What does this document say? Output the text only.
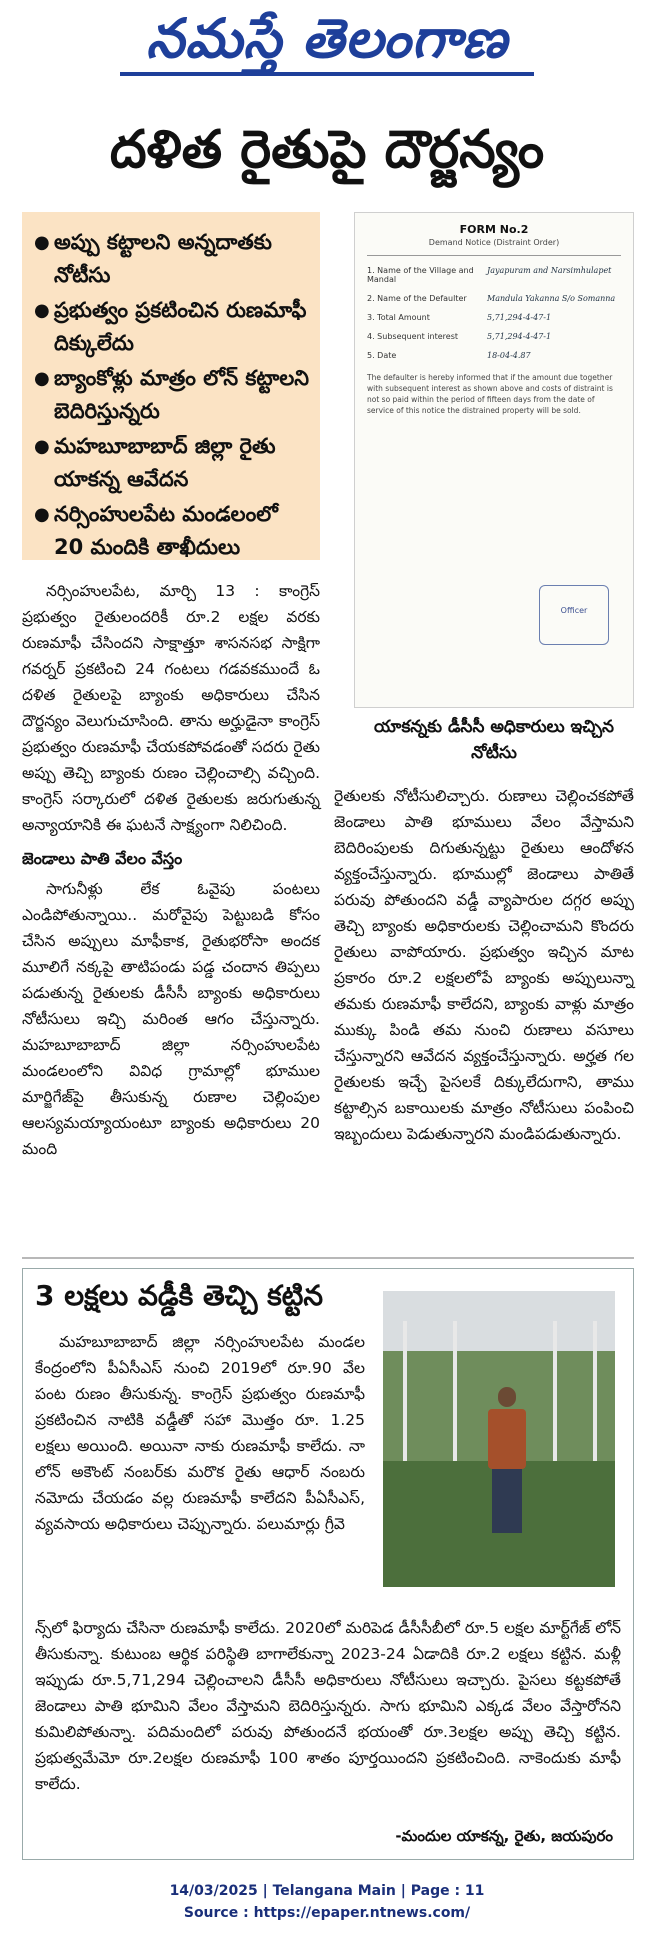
నమస్తే తెలంగాణ
దళిత రైతుపై దౌర్జన్యం
● అప్పు కట్టాలని అన్నదాతకు నోటీసు
● ప్రభుత్వం ప్రకటించిన రుణమాఫీ దిక్కులేదు
● బ్యాంకోళ్లు మాత్రం లోన్ కట్టాలని బెదిరిస్తున్నరు
● మహబూబాబాద్ జిల్లా రైతు యాకన్న ఆవేదన
● నర్సింహులపేట మండలంలో 20 మందికి తాఖీదులు
FORM No.2
Demand Notice (Distraint Order)
1. Name of the Village and Mandal
Jayapuram and Narsimhulapet
2. Name of the Defaulter	Mandula Yakanna S/o Somanna
3. Total Amount	5,71,294-4-47-1
4. Subsequent interest	5,71,294-4-47-1
5. Date	18-04-4.87
The defaulter is hereby informed that if the amount due together with subsequent interest as shown above and costs of distraint is not so paid within the period of fifteen days from the date of service of this notice the distrained property will be sold.
Officer
యాకన్నకు డీసీసీ అధికారులు ఇచ్చిన నోటీసు

నర్సింహులపేట, మార్చి 13 : కాంగ్రెస్ ప్రభుత్వం రైతులందరికీ రూ.2 లక్షల వరకు రుణమాఫీ చేసిందని సాక్షాత్తూ శాసనసభ సాక్షిగా గవర్నర్ ప్రకటించి 24 గంటలు గడవకముందే ఓ దళిత రైతులపై బ్యాంకు అధికారులు చేసిన దౌర్జన్యం వెలుగుచూసింది. తాను అర్హుడైనా కాంగ్రెస్ ప్రభుత్వం రుణమాఫీ చేయకపోవడంతో సదరు రైతు అప్పు తెచ్చి బ్యాంకు రుణం చెల్లించాల్సి వచ్చింది. కాంగ్రెస్ సర్కారులో దళిత రైతులకు జరుగుతున్న అన్యాయానికి ఈ ఘటనే సాక్ష్యంగా నిలిచింది.

జెండాలు పాతి వేలం వేస్తం

సాగునీళ్లు లేక ఓవైపు పంటలు ఎండిపోతున్నాయి.. మరోవైపు పెట్టుబడి కోసం చేసిన అప్పులు మాఫీకాక, రైతుభరోసా అందక మూలిగే నక్కపై తాటిపండు పడ్డ చందాన తిప్పలు పడుతున్న రైతులకు డీసీసీ బ్యాంకు అధికారులు నోటీసులు ఇచ్చి మరింత ఆగం చేస్తున్నారు. మహబూబాబాద్ జిల్లా నర్సింహులపేట మండలంలోని వివిధ గ్రామాల్లో భూముల మార్జిగేజ్‌పై తీసుకున్న రుణాల చెల్లింపుల ఆలస్యమయ్యాయంటూ బ్యాంకు అధికారులు 20 మంది

రైతులకు నోటీసులిచ్చారు. రుణాలు చెల్లించకపోతే జెండాలు పాతి భూములు వేలం వేస్తామని బెదిరింపులకు దిగుతున్నట్టు రైతులు ఆందోళన వ్యక్తంచేస్తున్నారు. భూముల్లో జెండాలు పాతితే పరువు పోతుందని వడ్డీ వ్యాపారుల దగ్గర అప్పు తెచ్చి బ్యాంకు అధికారులకు చెల్లించామని కొందరు రైతులు వాపోయారు. ప్రభుత్వం ఇచ్చిన మాట ప్రకారం రూ.2 లక్షలలోపే బ్యాంకు అప్పులున్నా తమకు రుణమాఫీ కాలేదని, బ్యాంకు వాళ్లు మాత్రం ముక్కు పిండి తమ నుంచి రుణాలు వసూలు చేస్తున్నారని ఆవేదన వ్యక్తంచేస్తున్నారు. అర్హత గల రైతులకు ఇచ్చే పైసలకే దిక్కులేదుగాని, తాము కట్టాల్సిన బకాయిలకు మాత్రం నోటీసులు పంపించి ఇబ్బందులు పెడుతున్నారని మండిపడుతున్నారు.

3 లక్షలు వడ్డీకి తెచ్చి కట్టిన

మహబూబాబాద్ జిల్లా నర్సింహులపేట మండల కేంద్రంలోని పీఏసీఎస్ నుంచి 2019లో రూ.90 వేల పంట రుణం తీసుకున్న. కాంగ్రెస్ ప్రభుత్వం రుణమాఫీ ప్రకటించిన నాటికి వడ్డీతో సహా మొత్తం రూ. 1.25 లక్షలు అయింది. అయినా నాకు రుణమాఫీ కాలేదు. నా లోన్ అకౌంట్ నంబర్‌కు మరొక రైతు ఆధార్ నంబరు నమోదు చేయడం వల్ల రుణమాఫీ కాలేదని పీఏసీఎస్, వ్యవసాయ అధికారులు చెప్పున్నారు. పలుమార్లు గ్రీవె

న్స్‌లో ఫిర్యాదు చేసినా రుణమాఫీ కాలేదు. 2020లో మరిపెడ డీసీసీబీలో రూ.5 లక్షల మార్ట్‌గేజ్ లోన్ తీసుకున్నా. కుటుంబ ఆర్థిక పరిస్థితి బాగాలేకున్నా 2023-24 ఏడాదికి రూ.2 లక్షలు కట్టిన. మళ్లీ ఇప్పుడు రూ.5,71,294 చెల్లించాలని డీసీసీ అధికారులు నోటీసులు ఇచ్చారు. పైసలు కట్టకపోతే జెండాలు పాతి భూమిని వేలం వేస్తామని బెదిరిస్తున్నరు. సాగు భూమిని ఎక్కడ వేలం వేస్తారోనని కుమిలిపోతున్నా. పదిమందిలో పరువు పోతుందనే భయంతో రూ.3లక్షల అప్పు తెచ్చి కట్టిన. ప్రభుత్వమేమో రూ.2లక్షల రుణమాఫీ 100 శాతం పూర్తయిందని ప్రకటించింది. నాకెందుకు మాఫీ కాలేదు.

-మందుల యాకన్న, రైతు, జయపురం
14/03/2025 | Telangana Main | Page : 11
Source : https://epaper.ntnews.com/
